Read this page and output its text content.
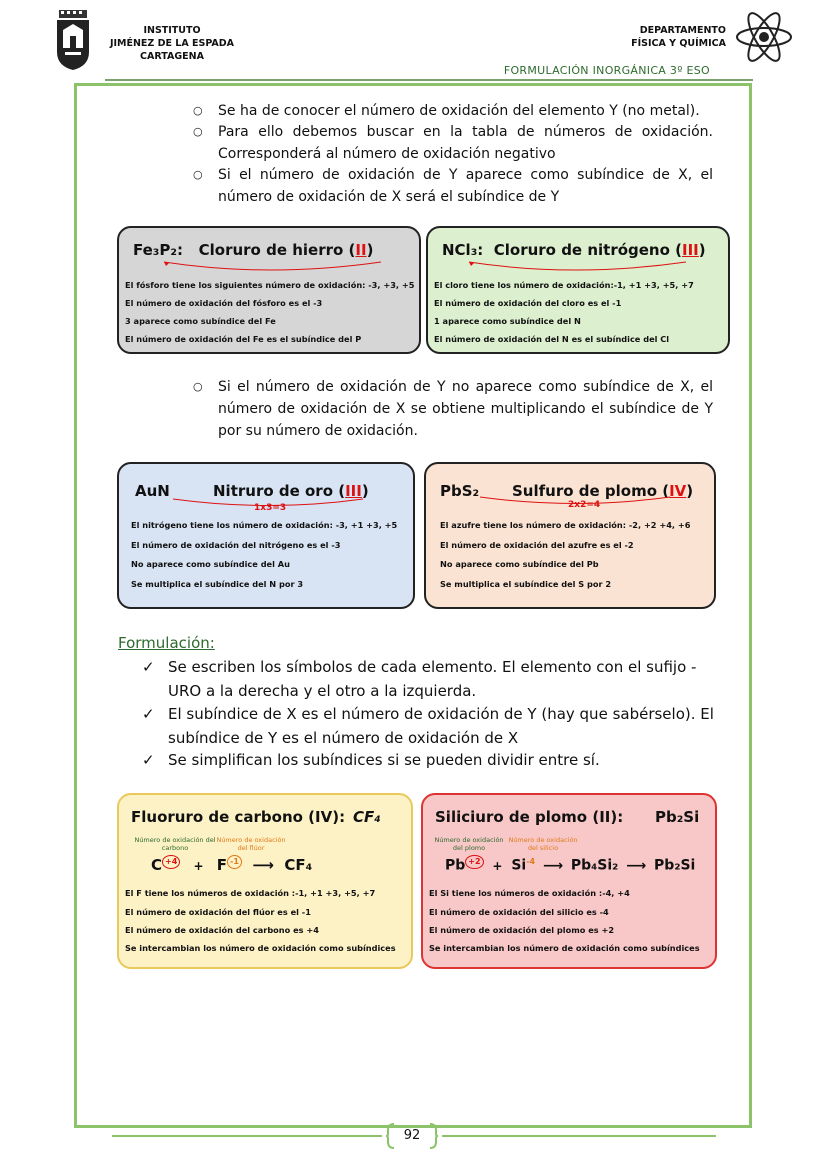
INSTITUTO
JIMÉNEZ DE LA ESPADA
CARTAGENA
DEPARTAMENTO
FÍSICA Y QUÍMICA
FORMULACIÓN INORGÁNICA 3º ESO
○ Se ha de conocer el número de oxidación del elemento Y (no metal).
○ Para ello debemos buscar en la tabla de números de oxidación. Corresponderá al número de oxidación negativo
○ Si el número de oxidación de Y aparece como subíndice de X, el número de oxidación de X será el subíndice de Y
Fe₃P₂:   Cloruro de hierro (II)
El fósforo tiene los siguientes número de oxidación: -3, +3, +5
El número de oxidación del fósforo es el -3
3 aparece como subíndice del Fe
El número de oxidación del Fe es el subíndice del P
NCl₃:  Cloruro de nitrógeno (III)
El cloro tiene los número de oxidación:-1, +1 +3, +5, +7
El número de oxidación del cloro es el -1
1 aparece como subíndice del N
El número de oxidación del N es el subíndice del Cl
○ Si el número de oxidación de Y no aparece como subíndice de X, el número de oxidación de X se obtiene multiplicando el subíndice de Y por su número de oxidación.
AuN	Nitruro de oro (III)
1x3=3
El nitrógeno tiene los número de oxidación: -3, +1 +3, +5
El número de oxidación del nitrógeno es el -3
No aparece como subíndice del Au
Se multiplica el subíndice del N por 3
PbS₂ Sulfuro de plomo (IV)
2x2=4
El azufre tiene los número de oxidación: -2, +2 +4, +6
El número de oxidación del azufre es el -2
No aparece como subíndice del Pb
Se multiplica el subíndice del S por 2
Formulación:
✓ Se escriben los símbolos de cada elemento. El elemento con el sufijo -URO a la derecha y el otro a la izquierda.
✓ El subíndice de X es el número de oxidación de Y (hay que sabérselo). El subíndice de Y es el número de oxidación de X
✓ Se simplifican los subíndices si se pueden dividir entre sí.
Fluoruro de carbono (IV): CF₄
Número de oxidación del carbono
Número de oxidación del flúor
C +4 + F -1 ⟶ CF₄
El F tiene los números de oxidación :-1, +1 +3, +5, +7
El número de oxidación del flúor es el -1
El número de oxidación del carbono es +4
Se intercambian los número de oxidación como subíndices
Siliciuro de plomo (II): Pb₂Si
Número de oxidación del plomo
Número de oxidación del silicio
$Pb +2 + Si^{-4}$ ⟶ Pb₄Si₂ ⟶ Pb₂Si
El Si tiene los números de oxidación :-4, +4
El número de oxidación del silicio es -4
El número de oxidación del plomo es +2
Se intercambian los número de oxidación como subíndices
92
